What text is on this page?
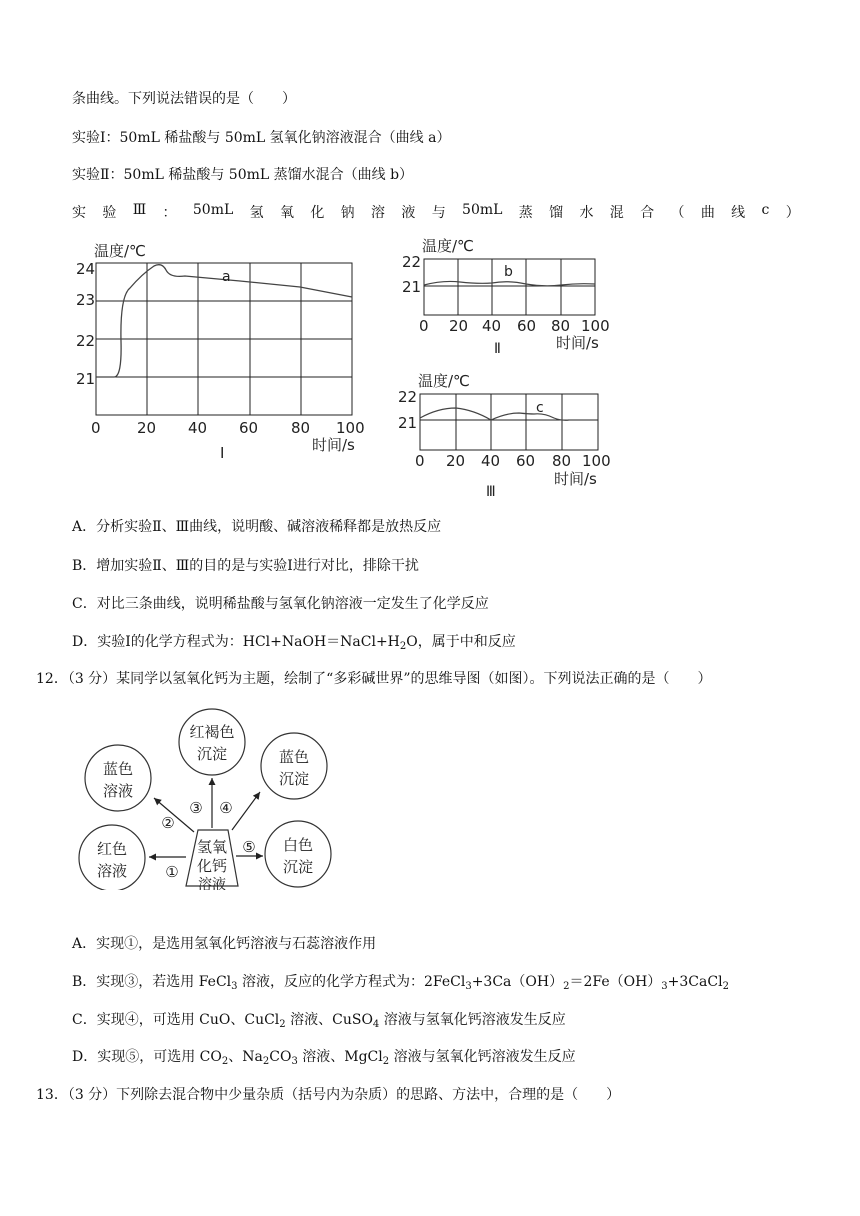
条曲线。下列说法错误的是（　　）
实验Ⅰ：50mL 稀盐酸与 50mL 氢氧化钠溶液混合（曲线 a）
实验Ⅱ：50mL 稀盐酸与 50mL 蒸馏水混合（曲线 b）
实 验 Ⅲ ： 50mL 氢 氧 化 钠 溶 液 与 50mL 蒸 馏 水 混 合 （ 曲 线 c ）
温度/℃
24
23
22
21
0 20 40 60 80 100
时间/s
a
Ⅰ
温度/℃
22
21
0 20 40 60 80 100
时间/s
b
Ⅱ
温度/℃
22
21
0 20 40 60 80 100
时间/s
c
Ⅲ
A．分析实验Ⅱ、Ⅲ曲线，说明酸、碱溶液稀释都是放热反应
B．增加实验Ⅱ、Ⅲ的目的是与实验Ⅰ进行对比，排除干扰
C．对比三条曲线，说明稀盐酸与氢氧化钠溶液一定发生了化学反应
D．实验Ⅰ的化学方程式为：$HCl+NaOH=NaCl+H_2O$，属于中和反应
12．（3 分）某同学以氢氧化钙为主题，绘制了“多彩碱世界”的思维导图（如图）。下列说法正确的是（　　）
红褐色
沉淀
蓝色
溶液
蓝色
沉淀
红色
溶液
白色
沉淀
氢氧
化钙
溶液
①
②
③ ④
⑤
A．实现①，是选用氢氧化钙溶液与石蕊溶液作用
B．实现③，若选用 FeCl$_3$ 溶液，反应的化学方程式为：$2FeCl_3+3Ca(OH)_2=2Fe(OH)_3+3CaCl_2$
C．实现④，可选用 CuO、CuCl$_2$ 溶液、CuSO$_4$ 溶液与氢氧化钙溶液发生反应
D．实现⑤，可选用 $CO_2$、$Na_2CO_3$ 溶液、MgCl$_2$ 溶液与氢氧化钙溶液发生反应
13．（3 分）下列除去混合物中少量杂质（括号内为杂质）的思路、方法中，合理的是（　　）
